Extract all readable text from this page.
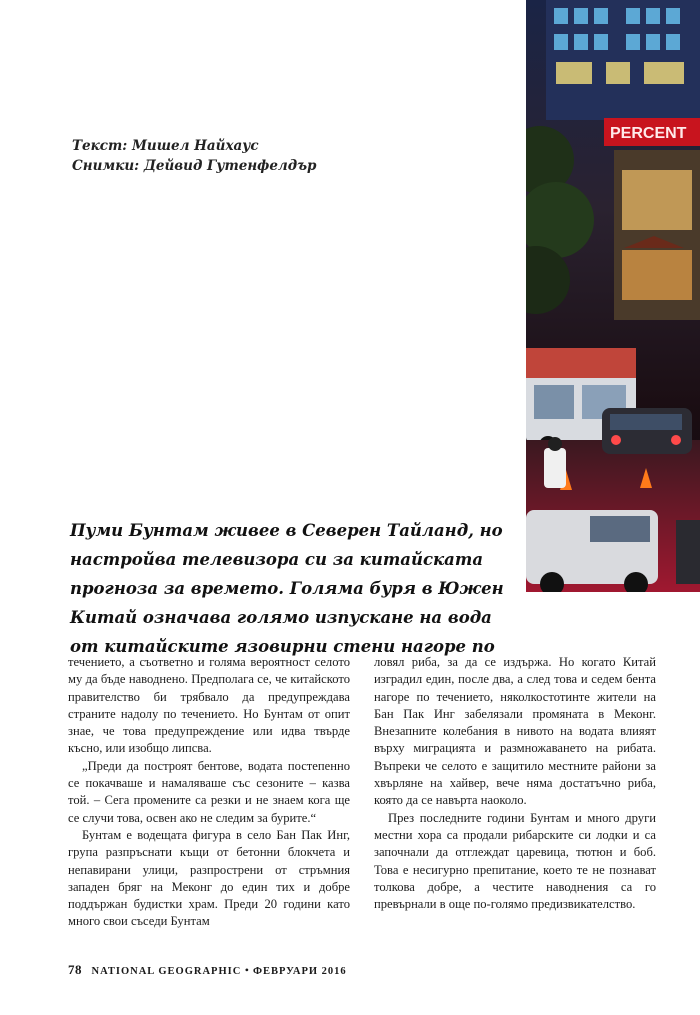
Текст: Мишел Найхаус
Снимки: Дейвид Гутенфелдър
PERCENT

Пуми Бунтам живее в Северен Тайланд, но настройва телевизора си за китайската прогноза за времето. Голяма буря в Южен Китай означава голямо изпускане на вода от китайските язовирни стени нагоре по

течението, а съответно и голяма вероятност селото му да бъде наводнено. Предполага се, че китайското правителство би трябвало да предупреждава страните надолу по течението. Но Бунтам от опит знае, че това предупреждение или идва твърде късно, или изобщо липсва.

„Преди да построят бентове, водата постепенно се покачваше и намаляваше със сезоните – казва той. – Сега промените са резки и не знаем кога ще се случи това, освен ако не следим за бурите.“

Бунтам е водещата фигура в село Бан Пак Инг, група разпръснати къщи от бетонни блокчета и непавирани улици, разпрострени от стръмния западен бряг на Меконг до един тих и добре поддържан будистки храм. Преди 20 години като много свои съседи Бунтам

ловял риба, за да се издържа. Но когато Китай изградил един, после два, а след това и седем бента нагоре по течението, няколкостотинте жители на Бан Пак Инг забелязали промяната в Меконг. Внезапните колебания в нивото на водата влияят върху миграцията и размножаването на рибата. Въпреки че селото е защитило местните райони за хвърляне на хайвер, вече няма достатъчно риба, която да се навърта наоколо.

През последните години Бунтам и много други местни хора са продали рибарските си лодки и са започнали да отглеждат царевица, тютюн и боб. Това е несигурно препитание, което те не познават толкова добре, а честите наводнения са го превърнали в още по-голямо предизвикателство.

78 NATIONAL GEOGRAPHIC • ФЕВРУАРИ 2016
